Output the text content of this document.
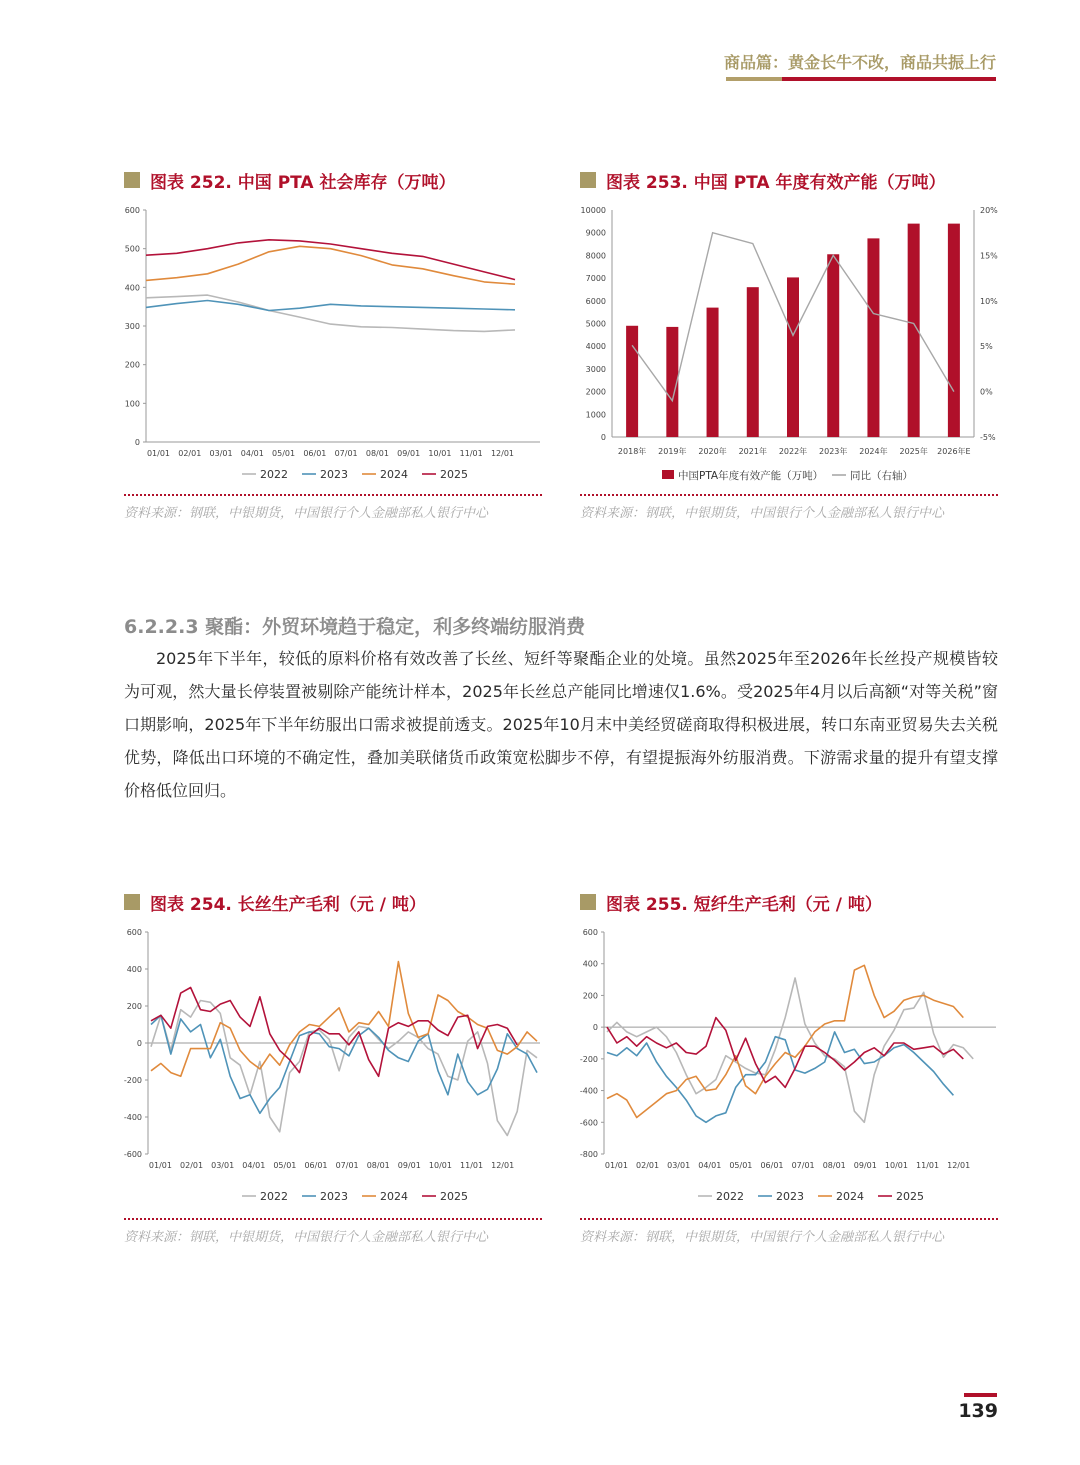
商品篇：黄金长牛不改，商品共振上行
图表 252. 中国 PTA 社会库存（万吨）
0
100
200
300
400
500
600
01/01 02/01 03/01 04/01 05/01 06/01 07/01 08/01 09/01 10/01 11/01 12/01
2022	2023	2024	2025
资料来源：钢联，中银期货，中国银行个人金融部私人银行中心
图表 253. 中国 PTA 年度有效产能（万吨）
0
1000
2000
3000
4000
5000
6000
7000
8000
9000
10000
-5%
0%
5%
10%
15%
20%
2018年 2019年 2020年 2021年 2022年 2023年 2024年 2025年 2026年E
中国PTA年度有效产能（万吨）	同比（右轴）
资料来源：钢联，中银期货，中国银行个人金融部私人银行中心
6.2.2.3 聚酯：外贸环境趋于稳定，利多终端纺服消费
2025年下半年，较低的原料价格有效改善了长丝、短纤等聚酯企业的处境。虽然2025年至2026年长丝投产规模皆较为可观，然大量长停装置被剔除产能统计样本，2025年长丝总产能同比增速仅1.6%。受2025年4月以后高额“对等关税”窗口期影响，2025年下半年纺服出口需求被提前透支。2025年10月末中美经贸磋商取得积极进展，转口东南亚贸易失去关税优势，降低出口环境的不确定性，叠加美联储货币政策宽松脚步不停，有望提振海外纺服消费。下游需求量的提升有望支撑价格低位回归。
图表 254. 长丝生产毛利（元 / 吨）
-600
-400
-200
0
200
400
600
01/01 02/01 03/01 04/01 05/01 06/01 07/01 08/01 09/01 10/01 11/01 12/01
2022	2023	2024	2025
资料来源：钢联，中银期货，中国银行个人金融部私人银行中心
图表 255. 短纤生产毛利（元 / 吨）
-800
-600
-400
-200
0
200
400
600
01/01 02/01 03/01 04/01 05/01 06/01 07/01 08/01 09/01 10/01 11/01 12/01
2022	2023	2024	2025
资料来源：钢联，中银期货，中国银行个人金融部私人银行中心
139
